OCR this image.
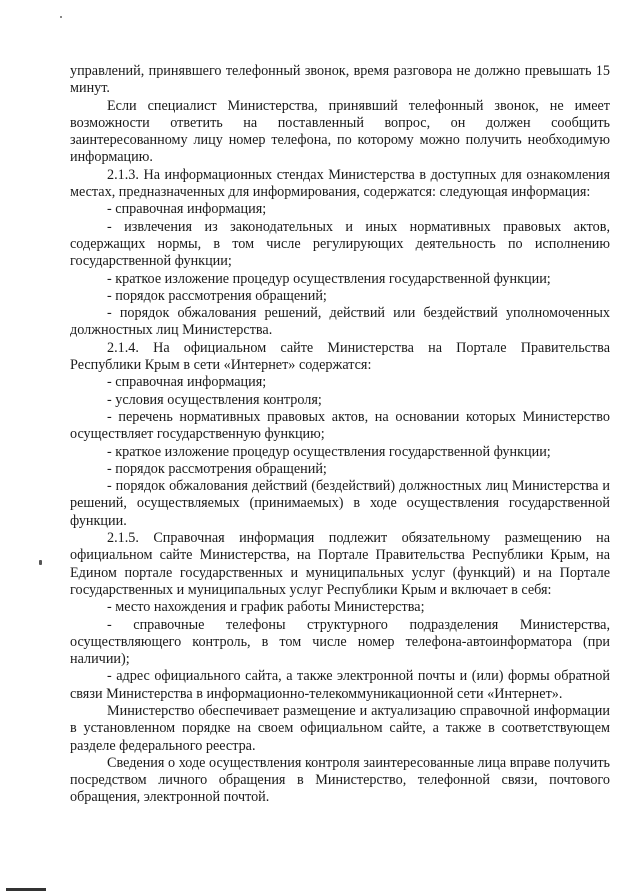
управлений, принявшего телефонный звонок, время разговора не должно превышать 15 минут.

Если специалист Министерства, принявший телефонный звонок, не имеет возможности ответить на поставленный вопрос, он должен сообщить заинтересованному лицу номер телефона, по которому можно получить необходимую информацию.

2.1.3. На информационных стендах Министерства в доступных для ознакомления местах, предназначенных для информирования, содержатся: следующая информация:

- справочная информация;

- извлечения из законодательных и иных нормативных правовых актов, содержащих нормы, в том числе регулирующих деятельность по исполнению государственной функции;

- краткое изложение процедур осуществления государственной функции;

- порядок рассмотрения обращений;

- порядок обжалования решений, действий или бездействий уполномоченных должностных лиц Министерства.

2.1.4. На официальном сайте Министерства на Портале Правительства Республики Крым в сети «Интернет» содержатся:

- справочная информация;

- условия осуществления контроля;

- перечень нормативных правовых актов, на основании которых Министерство осуществляет государственную функцию;

- краткое изложение процедур осуществления государственной функции;

- порядок рассмотрения обращений;

- порядок обжалования действий (бездействий) должностных лиц Министерства и решений, осуществляемых (принимаемых) в ходе осуществления государственной функции.

2.1.5. Справочная информация подлежит обязательному размещению на официальном сайте Министерства, на Портале Правительства Республики Крым, на Едином портале государственных и муниципальных услуг (функций) и на Портале государственных и муниципальных услуг Республики Крым и включает в себя:

- место нахождения и график работы Министерства;

- справочные телефоны структурного подразделения Министерства, осуществляющего контроль, в том числе номер телефона-автоинформатора (при наличии);

- адрес официального сайта, а также электронной почты и (или) формы обратной связи Министерства в информационно-телекоммуникационной сети «Интернет».

Министерство обеспечивает размещение и актуализацию справочной информации в установленном порядке на своем официальном сайте, а также в соответствующем разделе федерального реестра.

Сведения о ходе осуществления контроля заинтересованные лица вправе получить посредством личного обращения в Министерство, телефонной связи, почтового обращения, электронной почтой.
